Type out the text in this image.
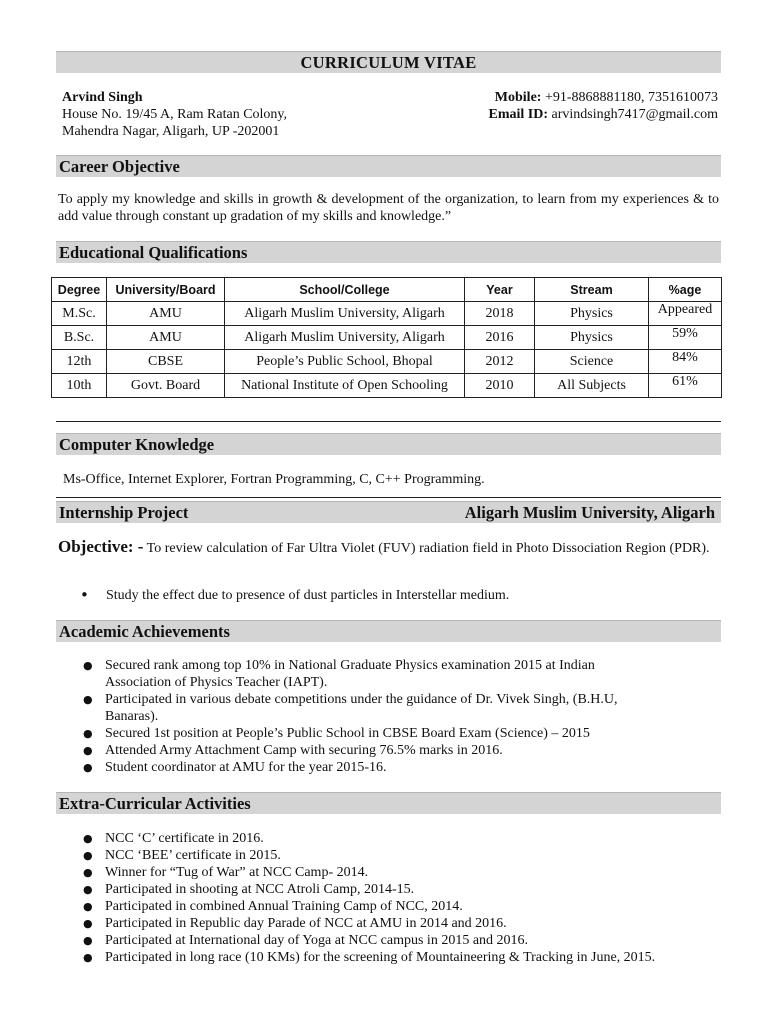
CURRICULUM VITAE
Arvind Singh
House No. 19/45 A, Ram Ratan Colony,
Mahendra Nagar, Aligarh, UP -202001
Mobile: +91-8868881180, 7351610073
Email ID: arvindsingh7417@gmail.com
Career Objective
To apply my knowledge and skills in growth & development of the organization, to learn from my experiences & to add value through constant up gradation of my skills and knowledge.”
Educational Qualifications
Degree	University/Board	School/College	Year	Stream	%age
M.Sc.	AMU	Aligarh Muslim University, Aligarh	2018	Physics	Appeared
B.Sc.	AMU	Aligarh Muslim University, Aligarh	2016	Physics	59%
12th	CBSE	People’s Public School, Bhopal	2012	Science	84%
10th	Govt. Board	National Institute of Open Schooling	2010	All Subjects	61%
Computer Knowledge
Ms-Office, Internet Explorer, Fortran Programming, C, C++ Programming.
Internship Project	Aligarh Muslim University, Aligarh
Objective: - To review calculation of Far Ultra Violet (FUV) radiation field in Photo Dissociation Region (PDR).
• Study the effect due to presence of dust particles in Interstellar medium.
Academic Achievements
● Secured rank among top 10% in National Graduate Physics examination 2015 at Indian Association of Physics Teacher (IAPT).
● Participated in various debate competitions under the guidance of Dr. Vivek Singh, (B.H.U, Banaras).
● Secured 1st position at People’s Public School in CBSE Board Exam (Science) – 2015
● Attended Army Attachment Camp with securing 76.5% marks in 2016.
● Student coordinator at AMU for the year 2015-16.
Extra-Curricular Activities
● NCC ‘C’ certificate in 2016.
● NCC ‘BEE’ certificate in 2015.
● Winner for “Tug of War” at NCC Camp- 2014.
● Participated in shooting at NCC Atroli Camp, 2014-15.
● Participated in combined Annual Training Camp of NCC, 2014.
● Participated in Republic day Parade of NCC at AMU in 2014 and 2016.
● Participated at International day of Yoga at NCC campus in 2015 and 2016.
● Participated in long race (10 KMs) for the screening of Mountaineering & Tracking in June, 2015.
